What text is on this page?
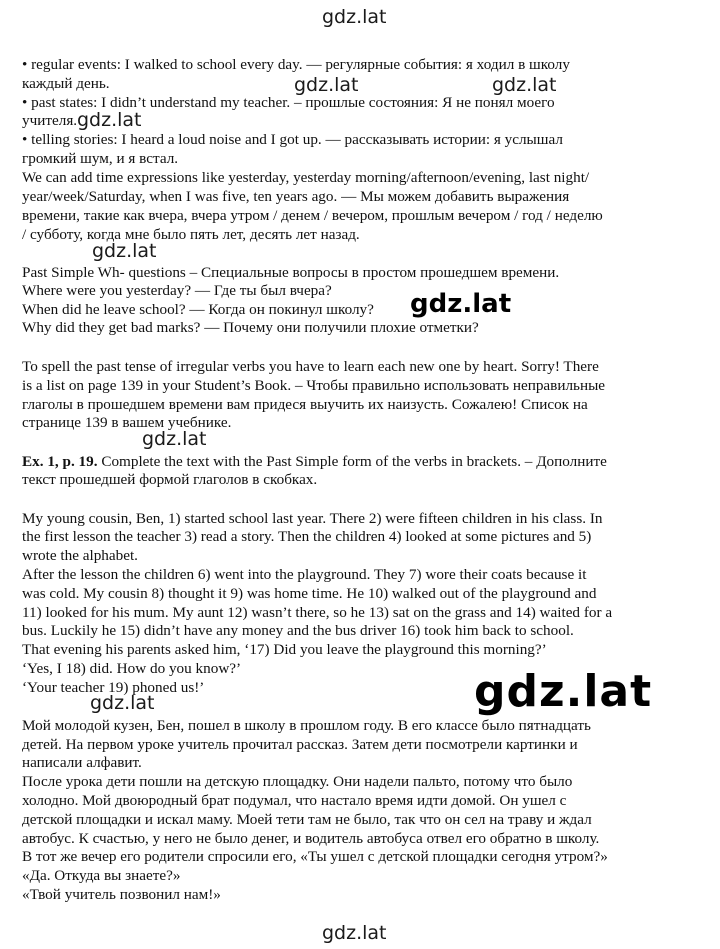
• regular events: I walked to school every day. — регулярные события: я ходил в школу
каждый день.
• past states: I didn’t understand my teacher. – прошлые состояния: Я не понял моего
учителя.
• telling stories: I heard a loud noise and I got up. — рассказывать истории: я услышал
громкий шум, и я встал.
We can add time expressions like yesterday, yesterday morning/afternoon/evening, last night/
year/week/Saturday, when I was five, ten years ago. — Мы можем добавить выражения
времени, такие как вчера, вчера утром / денем / вечером, прошлым вечером / год / неделю
/ субботу, когда мне было пять лет, десять лет назад.
Past Simple Wh- questions – Специальные вопросы в простом прошедшем времени.
Where were you yesterday? — Где ты был вчера?
When did he leave school? — Когда он покинул школу?
Why did they get bad marks? — Почему они получили плохие отметки?
To spell the past tense of irregular verbs you have to learn each new one by heart. Sorry! There
is a list on page 139 in your Student’s Book. – Чтобы правильно использовать неправильные
глаголы в прошедшем времени вам придеся выучить их наизусть. Сожалею! Список на
странице 139 в вашем учебнике.
Ex. 1, p. 19. Complete the text with the Past Simple form of the verbs in brackets. – Дополните
текст прошедшей формой глаголов в скобках.
My young cousin, Ben, 1) started school last year. There 2) were fifteen children in his class. In
the first lesson the teacher 3) read a story. Then the children 4) looked at some pictures and 5)
wrote the alphabet.
After the lesson the children 6) went into the playground. They 7) wore their coats because it
was cold. My cousin 8) thought it 9) was home time. He 10) walked out of the playground and
11) looked for his mum. My aunt 12) wasn’t there, so he 13) sat on the grass and 14) waited for a
bus. Luckily he 15) didn’t have any money and the bus driver 16) took him back to school.
That evening his parents asked him, ‘17) Did you leave the playground this morning?’
‘Yes, I 18) did. How do you know?’
‘Your teacher 19) phoned us!’
Мой молодой кузен, Бен, пошел в школу в прошлом году. В его классе было пятнадцать
детей. На первом уроке учитель прочитал рассказ. Затем дети посмотрели картинки и
написали алфавит.
После урока дети пошли на детскую площадку. Они надели пальто, потому что было
холодно. Мой двоюродный брат подумал, что настало время идти домой. Он ушел с
детской площадки и искал маму. Моей тети там не было, так что он сел на траву и ждал
автобус. К счастью, у него не было денег, и водитель автобуса отвел его обратно в школу.
В тот же вечер его родители спросили его, «Ты ушел с детской площадки сегодня утром?»
«Да. Откуда вы знаете?»
«Твой учитель позвонил нам!»
gdz.lat
gdz.lat	gdz.lat
gdz.lat
gdz.lat
gdz.lat
gdz.lat
gdz.lat
gdz.lat
gdz.lat
